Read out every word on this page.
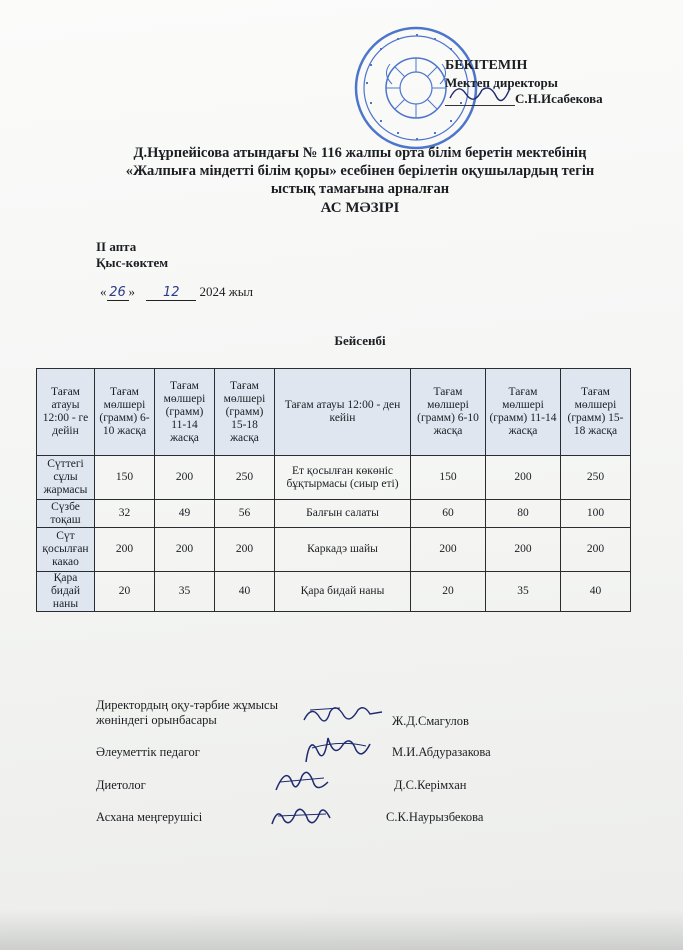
БЕКІТЕМІН
Мектеп директоры
С.Н.Исабекова
Д.Нұрпейісова атындағы № 116 жалпы орта білім беретін мектебінің
«Жалпыға міндетті білім қоры» есебінен берілетін оқушылардың тегін
ыстық тамағына арналған
АС МӘЗІРІ
ІІ апта
Қыс-көктем
« 26 » 12 2024 жыл
Бейсенбі
Тағам атауы 12:00 - ге дейін	Тағам мөлшері (грамм) 6-10 жасқа	Тағам мөлшері (грамм) 11-14 жасқа	Тағам мөлшері (грамм) 15-18 жасқа	Тағам атауы 12:00 - ден кейін	Тағам мөлшері (грамм) 6-10 жасқа	Тағам мөлшері (грамм) 11-14 жасқа	Тағам мөлшері (грамм) 15-18 жасқа
Сүттегі сұлы жармасы	150	200	250	Ет қосылған көкөніс бұқтырмасы (сиыр еті)	150	200	250
Сүзбе тоқаш	32	49	56	Балғын салаты	60	80	100
Сүт қосылған какао	200	200	200	Каркадэ шайы	200	200	200
Қара бидай наны	20	35	40	Қара бидай наны	20	35	40
Директордың оқу-тәрбие жұмысы
жөніндегі орынбасары	Ж.Д.Смагулов
Әлеуметтік педагог	М.И.Абдуразакова
Диетолог	Д.С.Керімхан
Асхана меңгерушісі	С.К.Наурызбекова
